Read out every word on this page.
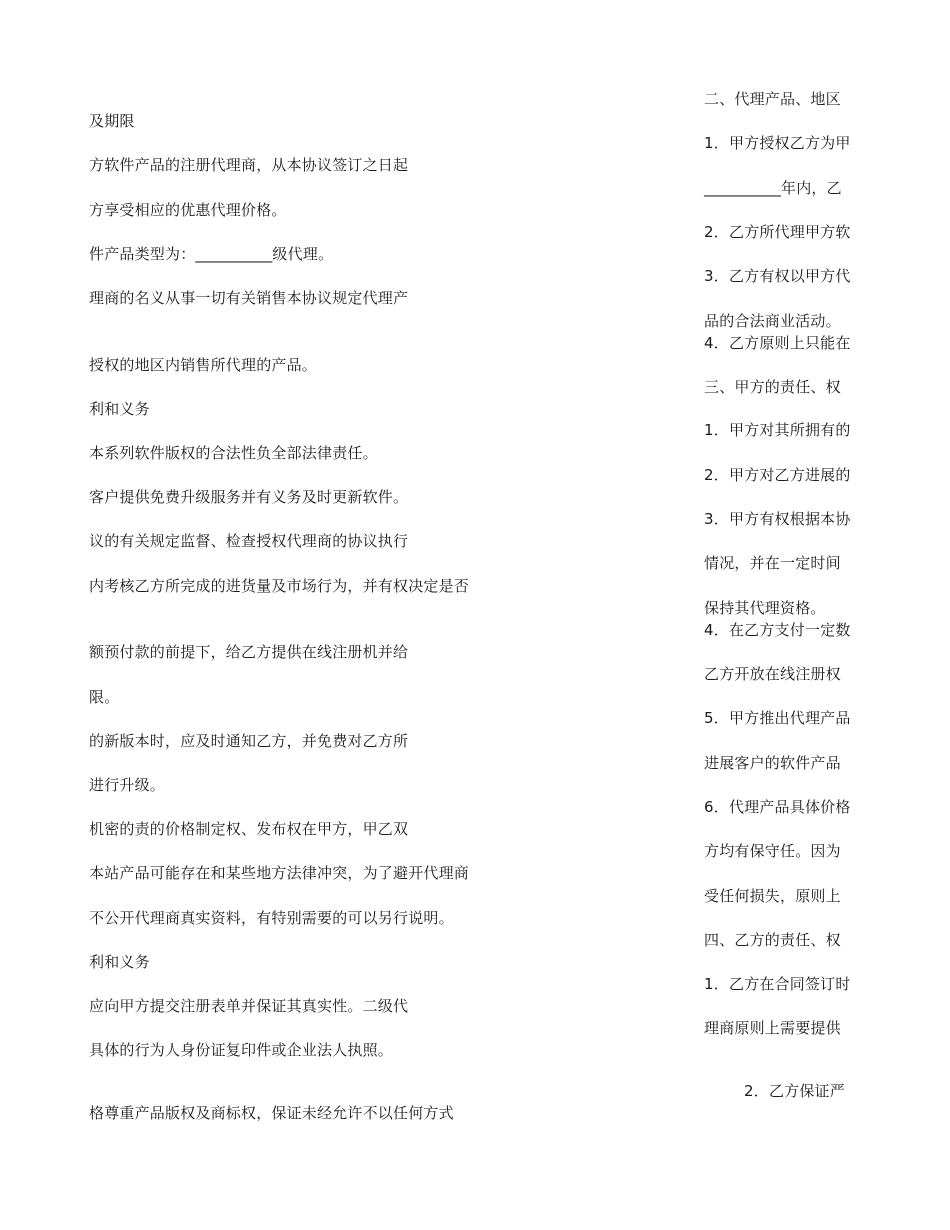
及期限
方软件产品的注册代理商，从本协议签订之日起
方享受相应的优惠代理价格。
件产品类型为：__________级代理。
理商的名义从事一切有关销售本协议规定代理产
授权的地区内销售所代理的产品。
利和义务
本系列软件版权的合法性负全部法律责任。
客户提供免费升级服务并有义务及时更新软件。
议的有关规定监督、检查授权代理商的协议执行
内考核乙方所完成的进货量及市场行为，并有权决定是否
额预付款的前提下，给乙方提供在线注册机并给
限。
的新版本时，应及时通知乙方，并免费对乙方所
进行升级。
机密的责的价格制定权、发布权在甲方，甲乙双
本站产品可能存在和某些地方法律冲突，为了避开代理商
不公开代理商真实资料，有特别需要的可以另行说明。
利和义务
应向甲方提交注册表单并保证其真实性。二级代
具体的行为人身份证复印件或企业法人执照。
格尊重产品版权及商标权，保证未经允许不以任何方式
二、代理产品、地区
1．甲方授权乙方为甲
__________年内，乙
2．乙方所代理甲方软
3．乙方有权以甲方代
品的合法商业活动。
4．乙方原则上只能在
三、甲方的责任、权
1．甲方对其所拥有的
2．甲方对乙方进展的
3．甲方有权根据本协
情况，并在一定时间
保持其代理资格。
4．在乙方支付一定数
乙方开放在线注册权
5．甲方推出代理产品
进展客户的软件产品
6．代理产品具体价格
方均有保守任。因为
受任何损失，原则上
四、乙方的责任、权
1．乙方在合同签订时
理商原则上需要提供
2．乙方保证严
